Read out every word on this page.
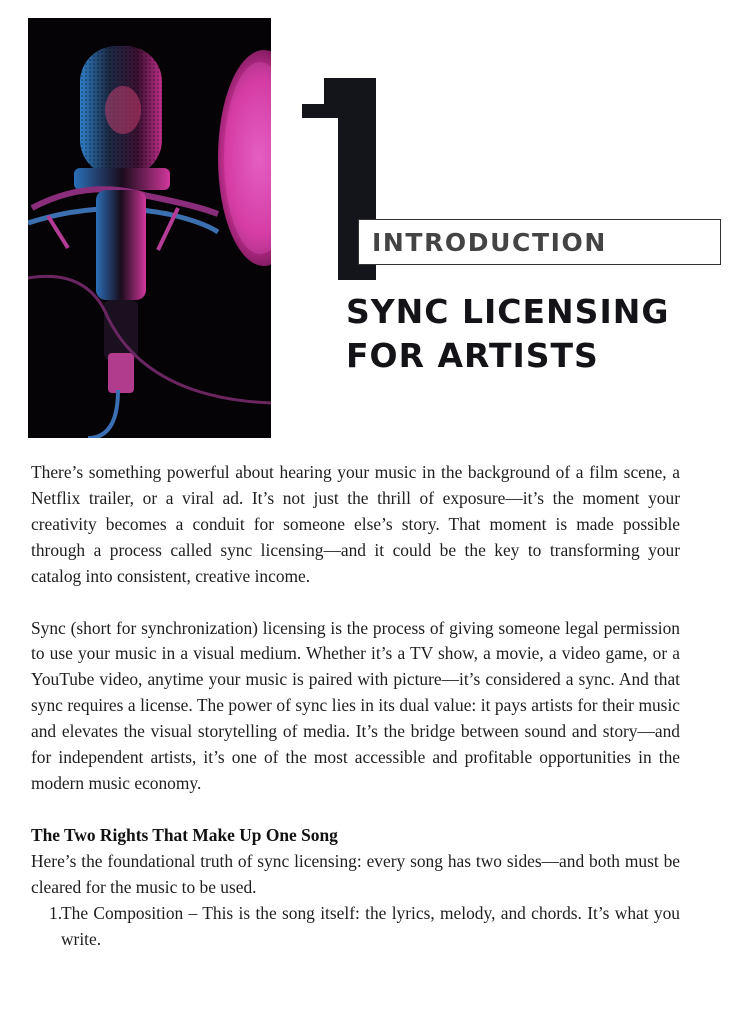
INTRODUCTION
SYNC LICENSING
FOR ARTISTS

There’s something powerful about hearing your music in the background of a film scene, a Netflix trailer, or a viral ad. It’s not just the thrill of exposure—it’s the moment your creativity becomes a conduit for someone else’s story. That moment is made possible through a process called sync licensing—and it could be the key to transforming your catalog into consistent, creative income.

Sync (short for synchronization) licensing is the process of giving someone legal permission to use your music in a visual medium. Whether it’s a TV show, a movie, a video game, or a YouTube video, anytime your music is paired with picture—it’s considered a sync. And that sync requires a license. The power of sync lies in its dual value: it pays artists for their music and elevates the visual storytelling of media. It’s the bridge between sound and story—and for independent artists, it’s one of the most accessible and profitable opportunities in the modern music economy.

The Two Rights That Make Up One Song

Here’s the foundational truth of sync licensing: every song has two sides—and both must be cleared for the music to be used.

1.
The Composition – This is the song itself: the lyrics, melody, and chords. It’s what you write.
